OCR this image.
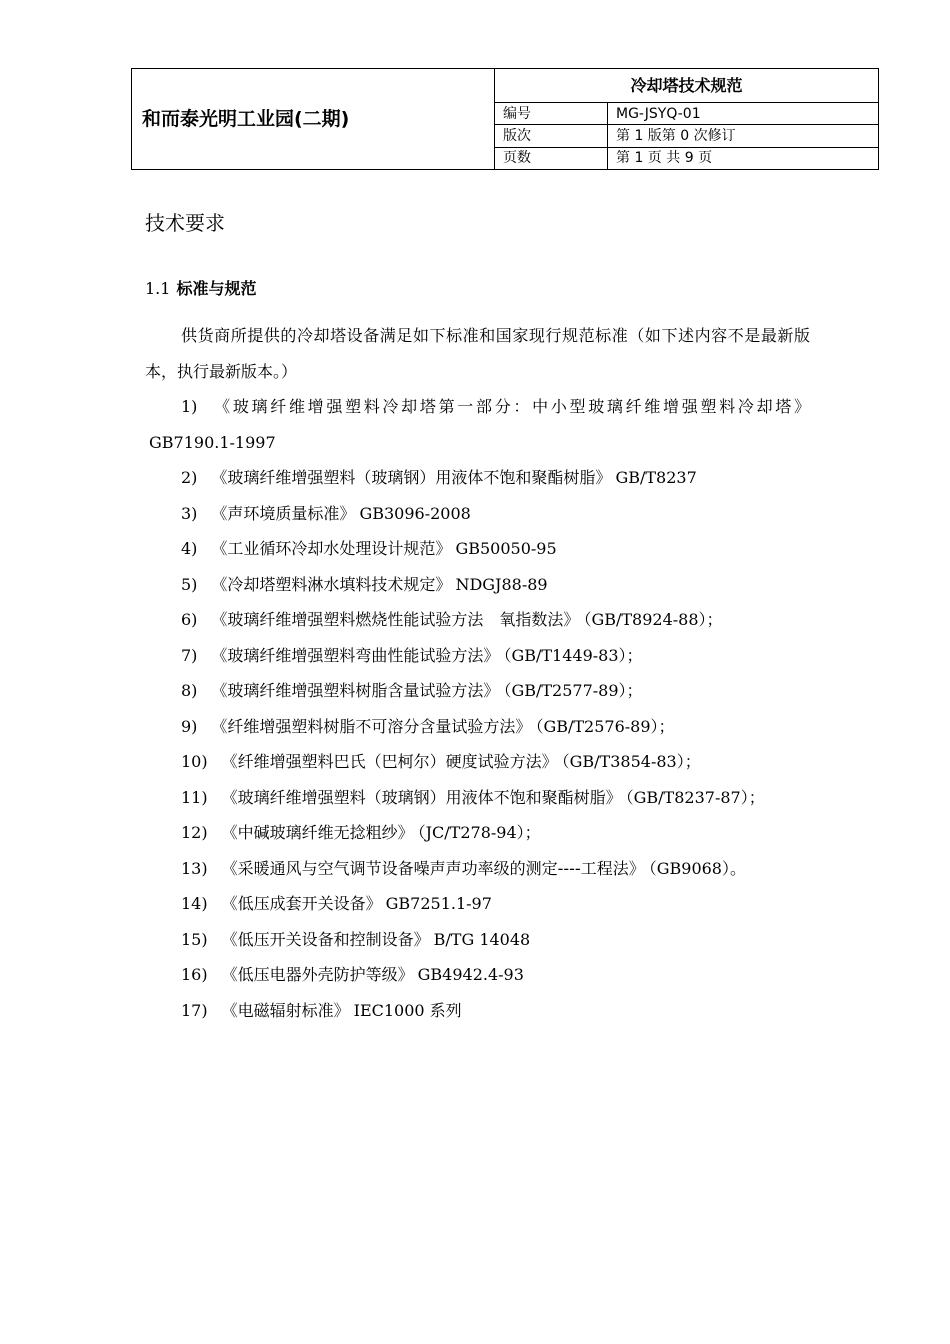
和而泰光明工业园(二期)	冷却塔技术规范	
	编号	MG-JSYQ-01
	版次	第 1 版第 0 次修订
	页数	第 1 页 共 9 页
技术要求
1.1 标准与规范

供货商所提供的冷却塔设备满足如下标准和国家现行规范标准（如下述内容不是最新版本，执行最新版本。）

1) 《玻璃纤维增强塑料冷却塔第一部分：中小型玻璃纤维增强塑料冷却塔》GB7190.1-1997

2) 《玻璃纤维增强塑料（玻璃钢）用液体不饱和聚酯树脂》 GB/T8237

3) 《声环境质量标准》 GB3096-2008

4) 《工业循环冷却水处理设计规范》 GB50050-95

5) 《冷却塔塑料淋水填料技术规定》 NDGJ88-89

6) 《玻璃纤维增强塑料燃烧性能试验方法　氧指数法》 （GB/T8924-88）；

7) 《玻璃纤维增强塑料弯曲性能试验方法》 （GB/T1449-83）；

8) 《玻璃纤维增强塑料树脂含量试验方法》 （GB/T2577-89）；

9) 《纤维增强塑料树脂不可溶分含量试验方法》 （GB/T2576-89）；

10) 《纤维增强塑料巴氏（巴柯尔）硬度试验方法》 （GB/T3854-83）；

11) 《玻璃纤维增强塑料（玻璃钢）用液体不饱和聚酯树脂》 （GB/T8237-87）；

12) 《中碱玻璃纤维无捻粗纱》 （JC/T278-94）；

13) 《采暖通风与空气调节设备噪声声功率级的测定----工程法》 （GB9068）。

14) 《低压成套开关设备》 GB7251.1-97

15) 《低压开关设备和控制设备》 B/TG 14048

16) 《低压电器外壳防护等级》 GB4942.4-93

17) 《电磁辐射标准》 IEC1000 系列
